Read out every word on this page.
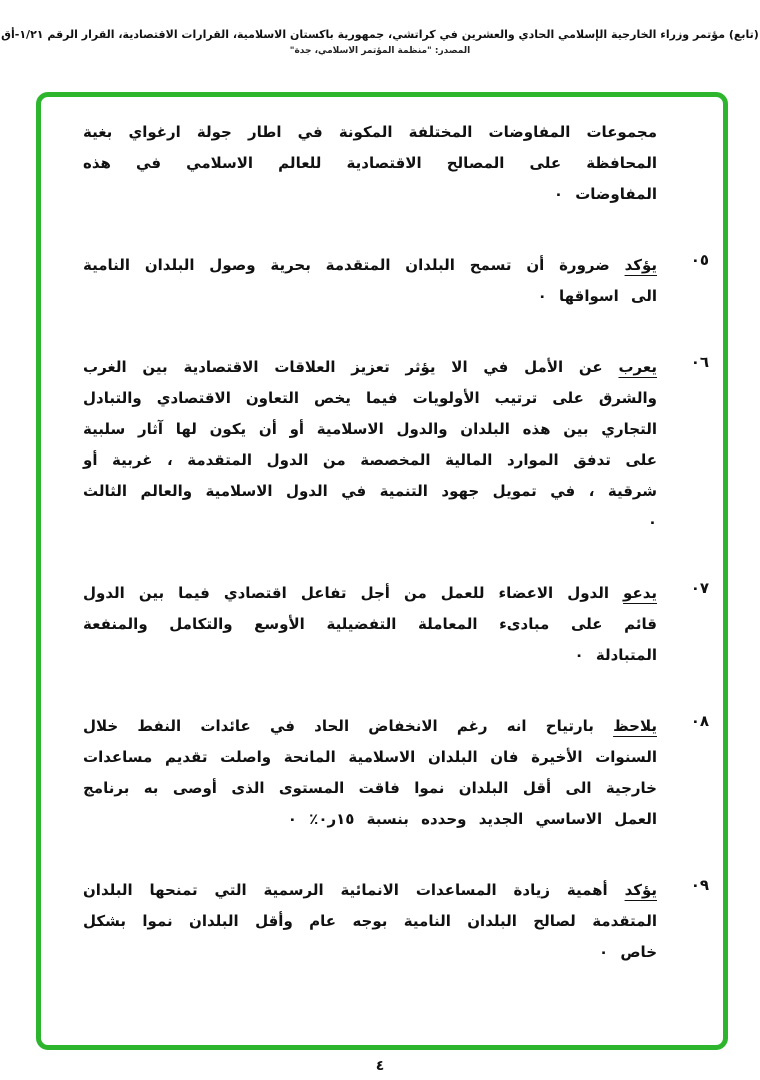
(تابع) مؤتمر وزراء الخارجية الإسلامي الحادي والعشرين في كراتشي، جمهورية باكستان الاسلامية، القرارات الاقتصادية، القرار الرقم ١/٢١-أق
المصدر: "منظمة المؤتمر الاسلامي، جدة"

مجموعات المفاوضات المختلفة المكونة في اطار جولة ارغواي بغية المحافظة على المصالح الاقتصادية للعالم الاسلامي في هذه المفاوضات ٠

٠٥

يؤكد ضرورة أن تسمح البلدان المتقدمة بحرية وصول البلدان النامية الى اسواقها ٠

٠٦

يعرب عن الأمل في الا يؤثر تعزيز العلاقات الاقتصادية بين الغرب والشرق على ترتيب الأولويات فيما يخص التعاون الاقتصادي والتبادل التجاري بين هذه البلدان والدول الاسلامية أو أن يكون لها آثار سلبية على تدفق الموارد المالية المخصصة من الدول المتقدمة ، غربية أو شرقية ، في تمويل جهود التنمية في الدول الاسلامية والعالم الثالث ٠

٠٧

يدعو الدول الاعضاء للعمل من أجل تفاعل اقتصادي فيما بين الدول قائم على مبادىء المعاملة التفضيلية الأوسع والتكامل والمنفعة المتبادلة ٠

٠٨

يلاحظ بارتياح انه رغم الانخفاض الحاد في عائدات النفط خلال السنوات الأخيرة فان البلدان الاسلامية المانحة واصلت تقديم مساعدات خارجية الى أقل البلدان نموا فاقت المستوى الذى أوصى به برنامج العمل الاساسي الجديد وحدده بنسبة ١٥ر٠٪ ٠

٠٩

يؤكد أهمية زيادة المساعدات الانمائية الرسمية التي تمنحها البلدان المتقدمة لصالح البلدان النامية بوجه عام وأقل البلدان نموا بشكل خاص ٠

٤
